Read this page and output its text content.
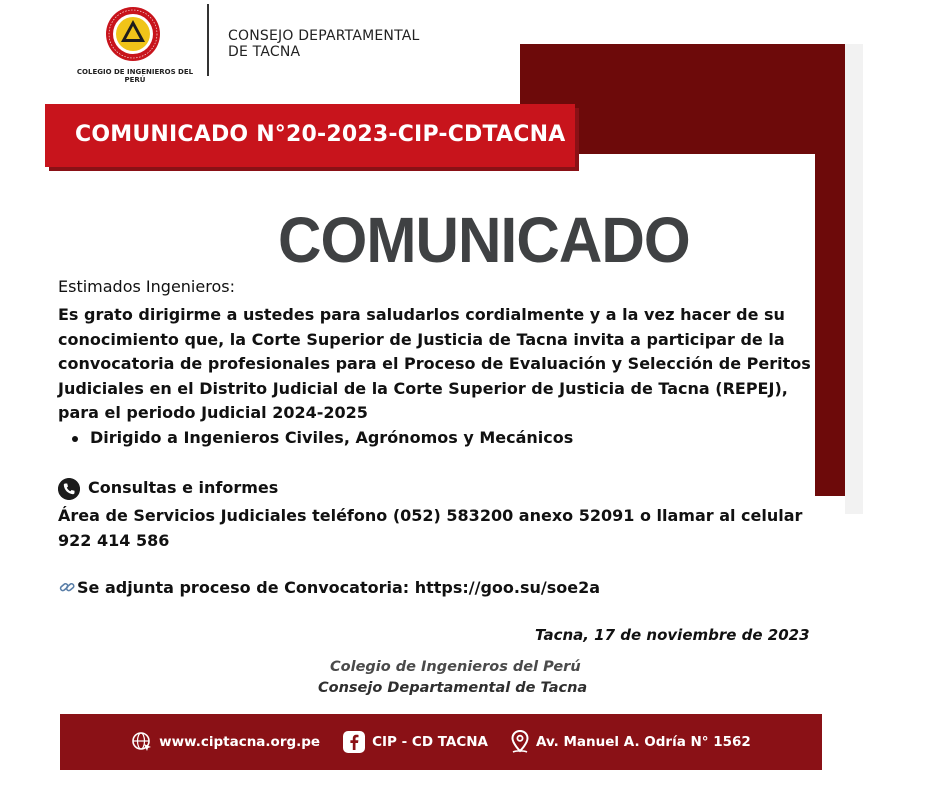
COLEGIO DE INGENIEROS DEL PERÚ
CONSEJO DEPARTAMENTAL
DE TACNA
COMUNICADO N°20-2023-CIP-CDTACNA
COMUNICADO
Estimados Ingenieros:
Es grato dirigirme a ustedes para saludarlos cordialmente y a la vez hacer de su conocimiento que, la Corte Superior de Justicia de Tacna invita a participar de la convocatoria de profesionales para el Proceso de Evaluación y Selección de Peritos Judiciales en el Distrito Judicial de la Corte Superior de Justicia de Tacna (REPEJ), para el periodo Judicial 2024-2025
Dirigido a Ingenieros Civiles, Agrónomos y Mecánicos
Consultas e informes
Área de Servicios Judiciales teléfono (052) 583200 anexo 52091 o llamar al celular 922 414 586
Se adjunta proceso de Convocatoria: https://goo.su/soe2a
Tacna, 17 de noviembre de 2023
Colegio de Ingenieros del Perú
Consejo Departamental de Tacna
www.ciptacna.org.pe	CIP - CD TACNA	Av. Manuel A. Odría N° 1562
